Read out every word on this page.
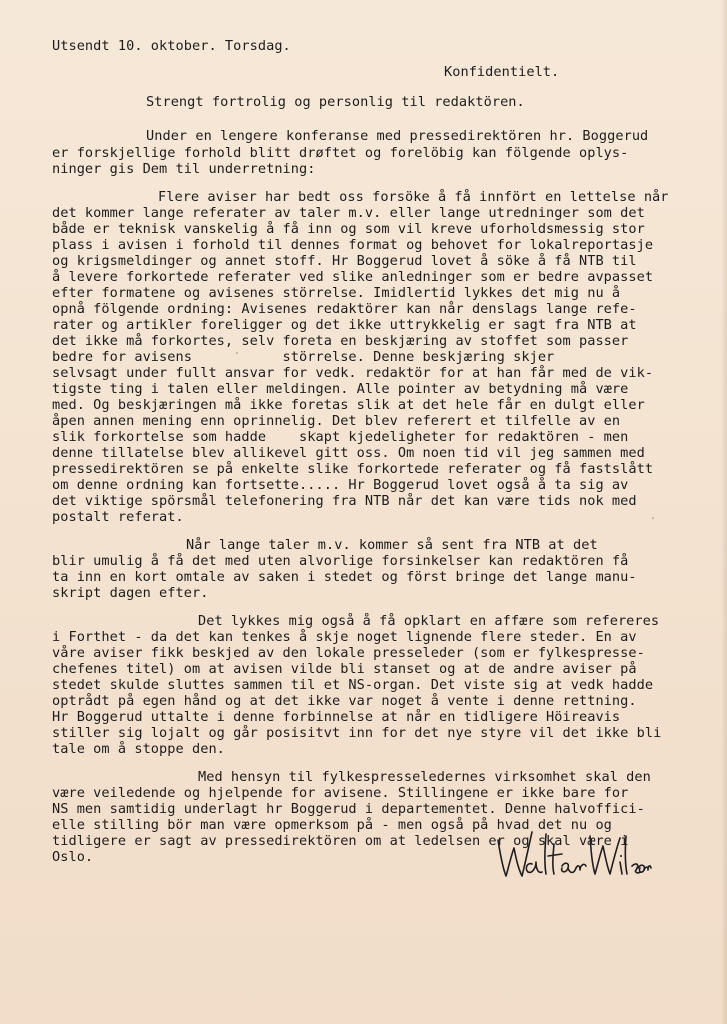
Utsendt 10. oktober. Torsdag.
Konfidentielt.
Strengt fortrolig og personlig til redaktören.
Under en lengere konferanse med pressedirektören hr. Boggerud
er forskjellige forhold blitt drøftet og forelöbig kan fölgende oplys-
ninger gis Dem til underretning:
Flere aviser har bedt oss forsöke å få innfört en lettelse når
det kommer lange referater av taler m.v. eller lange utredninger som det
både er teknisk vanskelig å få inn og som vil kreve uforholdsmessig stor
plass i avisen i forhold til dennes format og behovet for lokalreportasje
og krigsmeldinger og annet stoff. Hr Boggerud lovet å söke å få NTB til
å levere forkortede referater ved slike anledninger som er bedre avpasset
efter formatene og avisenes störrelse. Imidlertid lykkes det mig nu å
opnå fölgende ordning: Avisenes redaktörer kan når denslags lange refe-
rater og artikler foreligger og det ikke uttrykkelig er sagt fra NTB at
det ikke må forkortes, selv foreta en beskjæring av stoffet som passer
bedre for avisens           störrelse. Denne beskjæring skjer
selvsagt under fullt ansvar for vedk. redaktör for at han får med de vik-
tigste ting i talen eller meldingen. Alle pointer av betydning må være
med. Og beskjæringen må ikke foretas slik at det hele får en dulgt eller
åpen annen mening enn oprinnelig. Det blev referert et tilfelle av en
slik forkortelse som hadde    skapt kjedeligheter for redaktören - men
denne tillatelse blev allikevel gitt oss. Om noen tid vil jeg sammen med
pressedirektören se på enkelte slike forkortede referater og få fastslått
om denne ordning kan fortsette..... Hr Boggerud lovet også å ta sig av
det viktige spörsmål telefonering fra NTB når det kan være tids nok med
postalt referat.
Når lange taler m.v. kommer så sent fra NTB at det
blir umulig å få det med uten alvorlige forsinkelser kan redaktören få
ta inn en kort omtale av saken i stedet og först bringe det lange manu-
skript dagen efter.
Det lykkes mig også å få opklart en affære som refereres
i Forthet - da det kan tenkes å skje noget lignende flere steder. En av
våre aviser fikk beskjed av den lokale presseleder (som er fylkespresse-
chefenes titel) om at avisen vilde bli stanset og at de andre aviser på
stedet skulde sluttes sammen til et NS-organ. Det viste sig at vedk hadde
optrådt på egen hånd og at det ikke var noget å vente i denne rettning.
Hr Boggerud uttalte i denne forbinnelse at når en tidligere Höireavis
stiller sig lojalt og går posisitvt inn for det nye styre vil det ikke bli
tale om å stoppe den.
Med hensyn til fylkespresseledernes virksomhet skal den
være veiledende og hjelpende for avisene. Stillingene er ikke bare for
NS men samtidig underlagt hr Boggerud i departementet. Denne halvoffici-
elle stilling bör man være opmerksom på - men også på hvad det nu og
tidligere er sagt av pressedirektören om at ledelsen er og skal være i
Oslo.
